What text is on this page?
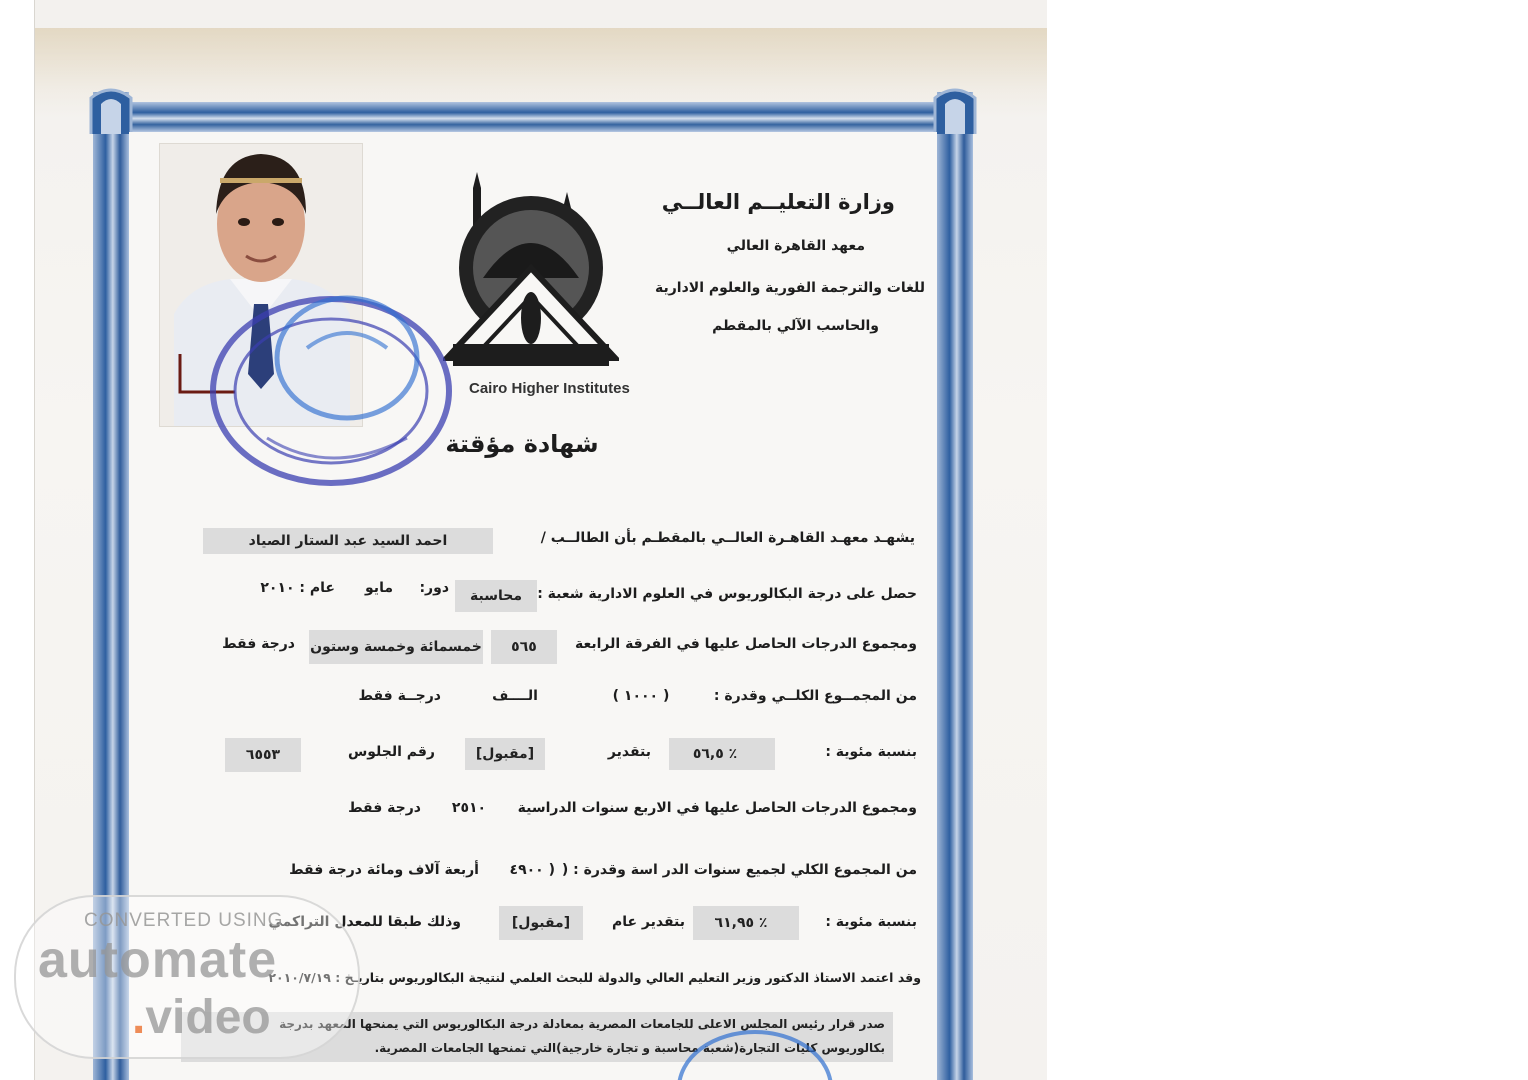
Cairo Higher Institutes
وزارة التعليــم العالــي
معهد القاهرة العالي
للغات والترجمة الفورية والعلوم الادارية
والحاسب الآلي بالمقطم
شهادة مؤقتة
يشهـد معهـد القاهـرة العالــي بالمقطـم بأن الطالــب /
احمد السيد عبد الستار الصياد
حصل على درجة البكالوريوس في العلوم الادارية شعبة :
محاسبة
دور:
مايو
عام : ٢٠١٠
ومجموع الدرجات الحاصل عليها في الفرقة الرابعة
٥٦٥
خمسمائة وخمسة وستون
درجة فقط
من المجمــوع الكلــي وقدرة :
( ١٠٠٠ )
الــــف
درجــة فقط
بنسبة مئوية :
٥٦,٥ ٪
بتقدير
[مقبول]
رقم الجلوس
٦٥٥٣
ومجموع الدرجات الحاصل عليها في الاربع سنوات الدراسية
٢٥١٠
درجة فقط
من المجموع الكلي لجميع سنوات الدر اسة وقدرة : (
٤٩٠٠ )
أربعة آلاف ومائة درجة فقط
بنسبة مئوية :
٦١,٩٥ ٪
بتقدير عام
[مقبول]
وذلك طبقا للمعدل التراكمي
وقد اعتمد الاستاذ الدكتور وزير التعليم العالي والدولة للبحث العلمي لنتيجة البكالوريوس بتاريـخ : ٢٠١٠/٧/١٩
صدر قرار رئيس المجلس الاعلى للجامعات المصرية بمعادلة درجة البكالوريوس التي يمنحها المعهد بدرجة
بكالوريوس كليات التجارة(شعبة محاسبة و تجارة خارجية)التي تمنحها الجامعات المصرية.
CONVERTED USING
automate
.video
